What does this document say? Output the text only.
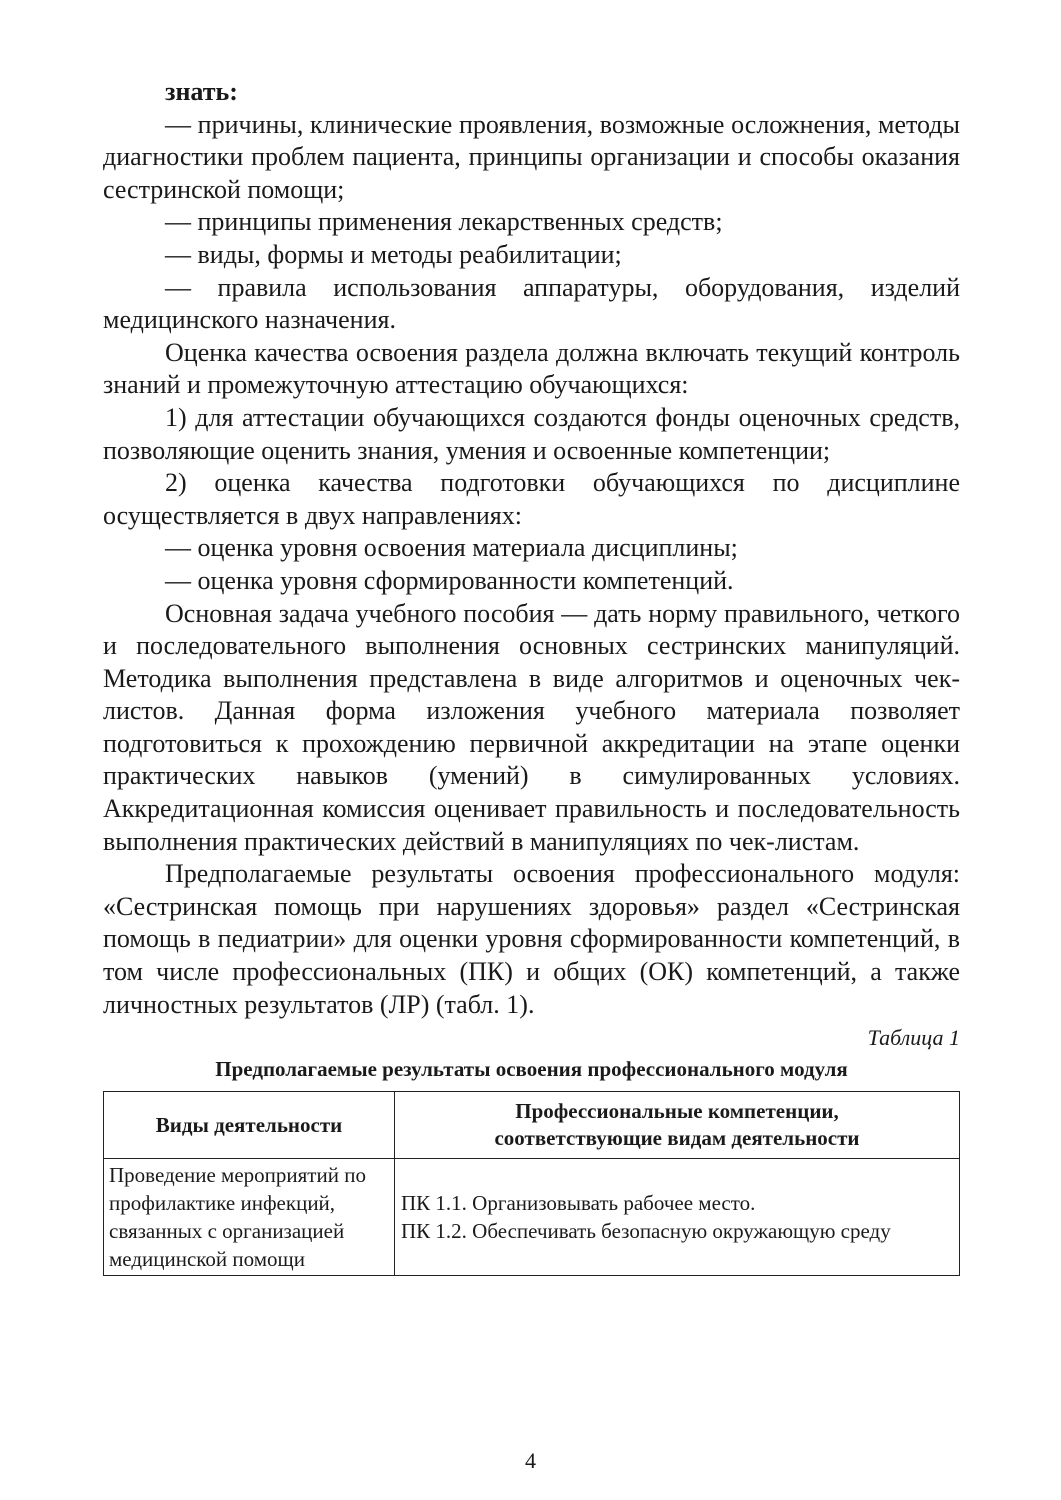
знать:

— причины, клинические проявления, возможные осложнения, методы диагностики проблем пациента, принципы организации и способы оказания сестринской помощи;

— принципы применения лекарственных средств;

— виды, формы и методы реабилитации;

— правила использования аппаратуры, оборудования, изделий медицинского назначения.

Оценка качества освоения раздела должна включать текущий контроль знаний и промежуточную аттестацию обучающихся:

1) для аттестации обучающихся создаются фонды оценочных средств, позволяющие оценить знания, умения и освоенные компетенции;

2) оценка качества подготовки обучающихся по дисциплине осуществляется в двух направлениях:

— оценка уровня освоения материала дисциплины;

— оценка уровня сформированности компетенций.

Основная задача учебного пособия — дать норму правильного, четкого и последовательного выполнения основных сестринских манипуляций. Методика выполнения представлена в виде алгоритмов и оценочных чек-листов. Данная форма изложения учебного материала позволяет подготовиться к прохождению первичной аккредитации на этапе оценки практических навыков (умений) в симулированных условиях. Аккредитационная комиссия оценивает правильность и последовательность выполнения практических действий в манипуляциях по чек-листам.

Предполагаемые результаты освоения профессионального модуля: «Сестринская помощь при нарушениях здоровья» раздел «Сестринская помощь в педиатрии» для оценки уровня сформированности компетенций, в том числе профессиональных (ПК) и общих (ОК) компетенций, а также личностных результатов (ЛР) (табл. 1).

Таблица 1

Предполагаемые результаты освоения профессионального модуля

Виды деятельности	Профессиональные компетенции,
соответствующие видам деятельности

Проведение мероприятий по профилактике инфекций, связанных с организацией медицинской помощи	ПК 1.1. Организовывать рабочее место.
ПК 1.2. Обеспечивать безопасную окружающую среду
4
